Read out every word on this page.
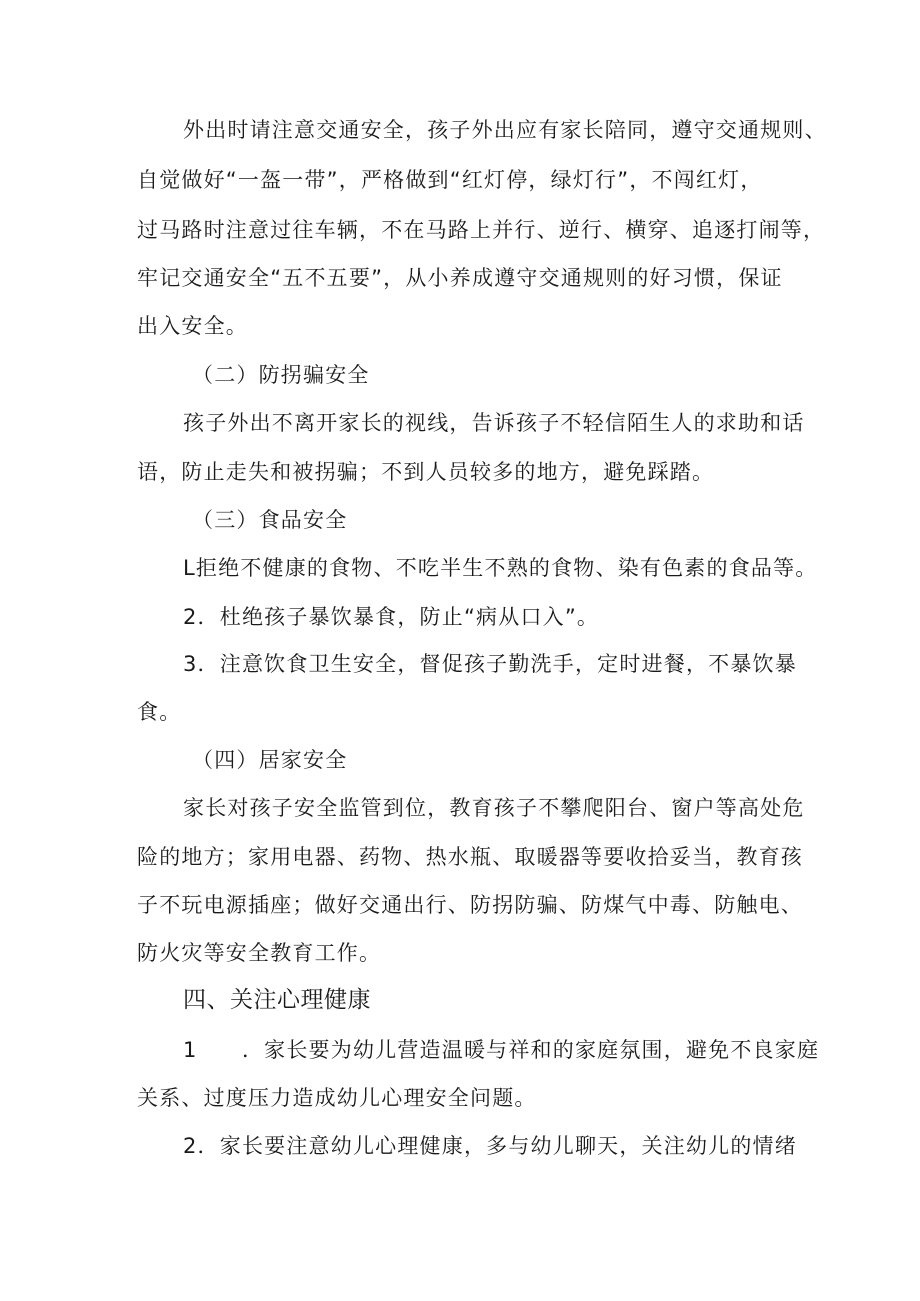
外出时请注意交通安全，孩子外出应有家长陪同，遵守交通规则、
自觉做好“一盔一带”，严格做到“红灯停，绿灯行”，不闯红灯，
过马路时注意过往车辆，不在马路上并行、逆行、横穿、追逐打闹等，
牢记交通安全“五不五要”，从小养成遵守交通规则的好习惯，保证
出入安全。
（二）防拐骗安全
孩子外出不离开家长的视线，告诉孩子不轻信陌生人的求助和话
语，防止走失和被拐骗；不到人员较多的地方，避免踩踏。
（三）食品安全
L拒绝不健康的食物、不吃半生不熟的食物、染有色素的食品等。
2．杜绝孩子暴饮暴食，防止“病从口入”。
3．注意饮食卫生安全，督促孩子勤洗手，定时进餐，不暴饮暴
食。
（四）居家安全
家长对孩子安全监管到位，教育孩子不攀爬阳台、窗户等高处危
险的地方；家用电器、药物、热水瓶、取暖器等要收拾妥当，教育孩
子不玩电源插座；做好交通出行、防拐防骗、防煤气中毒、防触电、
防火灾等安全教育工作。
四、关注心理健康
1　　．家长要为幼儿营造温暖与祥和的家庭氛围，避免不良家庭
关系、过度压力造成幼儿心理安全问题。
2．家长要注意幼儿心理健康，多与幼儿聊天，关注幼儿的情绪
